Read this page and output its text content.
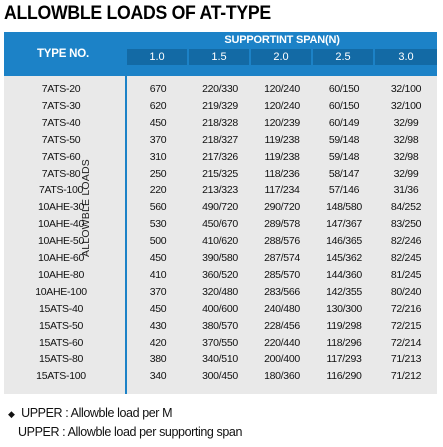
ALLOWBLE LOADS OF AT-TYPE
TYPE NO.
SUPPORTINT SPAN(N)
1.0	1.5	2.0	2.5	3.0
ALLOWBLE LOADS
7ATS-20	670	220/330	120/240	60/150	32/100
7ATS-30	620	219/329	120/240	60/150	32/100
7ATS-40	450	218/328	120/239	60/149	32/99
7ATS-50	370	218/327	119/238	59/148	32/98
7ATS-60	310	217/326	119/238	59/148	32/98
7ATS-80	250	215/325	118/236	58/147	32/99
7ATS-100	220	213/323	117/234	57/146	31/36
10AHE-30	560	490/720	290/720	148/580	84/252
10AHE-40	530	450/670	289/578	147/367	83/250
10AHE-50	500	410/620	288/576	146/365	82/246
10AHE-60	450	390/580	287/574	145/362	82/245
10AHE-80	410	360/520	285/570	144/360	81/245
10AHE-100	370	320/480	283/566	142/355	80/240
15ATS-40	450	400/600	240/480	130/300	72/216
15ATS-50	430	380/570	228/456	119/298	72/215
15ATS-60	420	370/550	220/440	118/296	72/214
15ATS-80	380	340/510	200/400	117/293	71/213
15ATS-100	340	300/450	180/360	116/290	71/212
◆ UPPER : Allowble load per M
UPPER : Allowble load per supporting span
